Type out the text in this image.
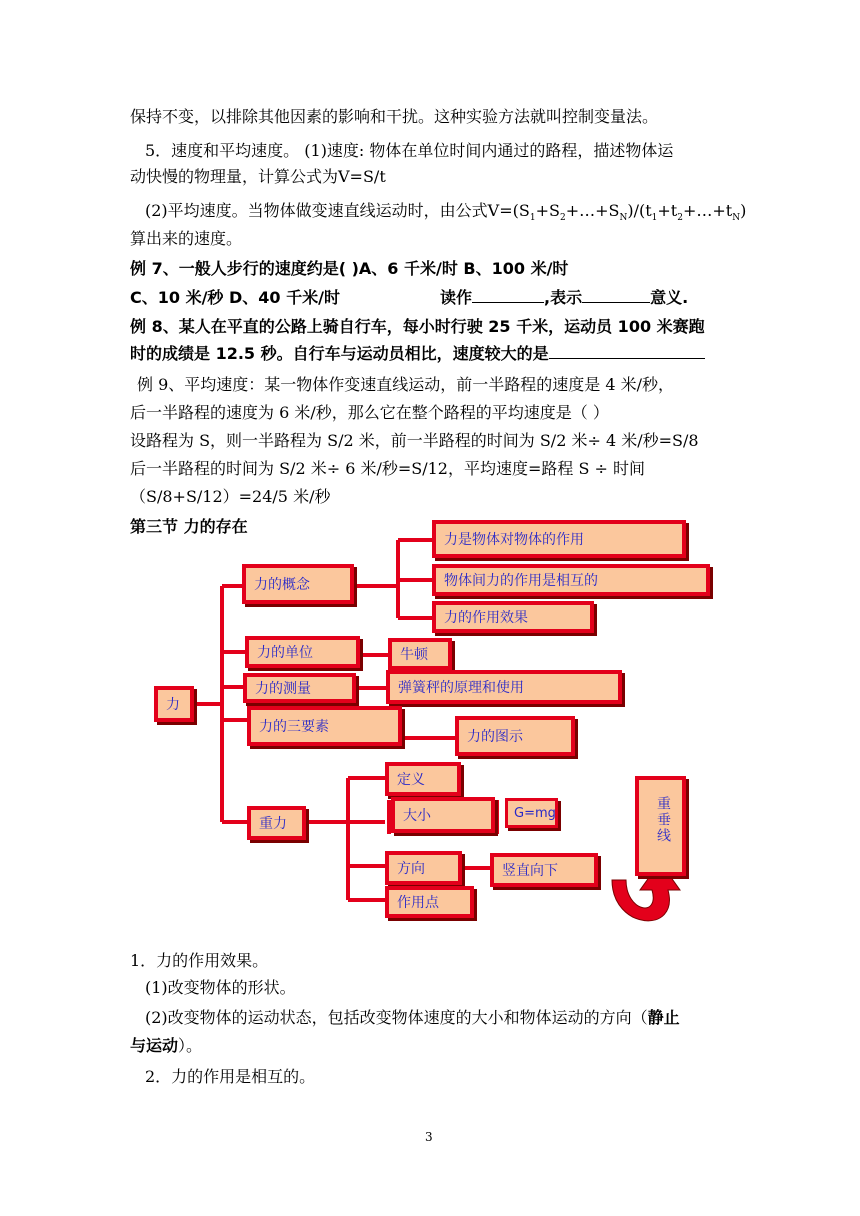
保持不变，以排除其他因素的影响和干扰。这种实验方法就叫控制变量法。
5．速度和平均速度。 (1)速度: 物体在单位时间内通过的路程，描述物体运
动快慢的物理量，计算公式为V=S/t
(2)平均速度。当物体做变速直线运动时，由公式$V=(S_1+S_2+\dots+S_N)/(t_1+t_2+\dots+t_N)$
算出来的速度。
例 7、一般人步行的速度约是( )A、6 千米/时 B、100 米/时
C、10 米/秒 D、40 千米/时	读作	,表示	意义.
例 8、某人在平直的公路上骑自行车，每小时行驶 25 千米，运动员 100 米赛跑
时的成绩是 12.5 秒。自行车与运动员相比，速度较大的是
例 9、平均速度：某一物体作变速直线运动，前一半路程的速度是 4 米/秒，
后一半路程的速度为 6 米/秒，那么它在整个路程的平均速度是（ ）
设路程为 S，则一半路程为 S/2 米，前一半路程的时间为 S/2 米÷ 4 米/秒=S/8
后一半路程的时间为 S/2 米÷ 6 米/秒=S/12，平均速度=路程 S ÷ 时间
（S/8+S/12）=24/5 米/秒
第三节 力的存在
力
力的概念
力是物体对物体的作用
物体间力的作用是相互的
力的作用效果
力的单位	牛顿
力的测量	弹簧秤的原理和使用
力的三要素
力的图示
重力
定义
大小	G=mg
方向	竖直向下
作用点
重垂线
1．力的作用效果。
(1)改变物体的形状。
(2)改变物体的运动状态，包括改变物体速度的大小和物体运动的方向（静止
与运动）。
2．力的作用是相互的。
3
